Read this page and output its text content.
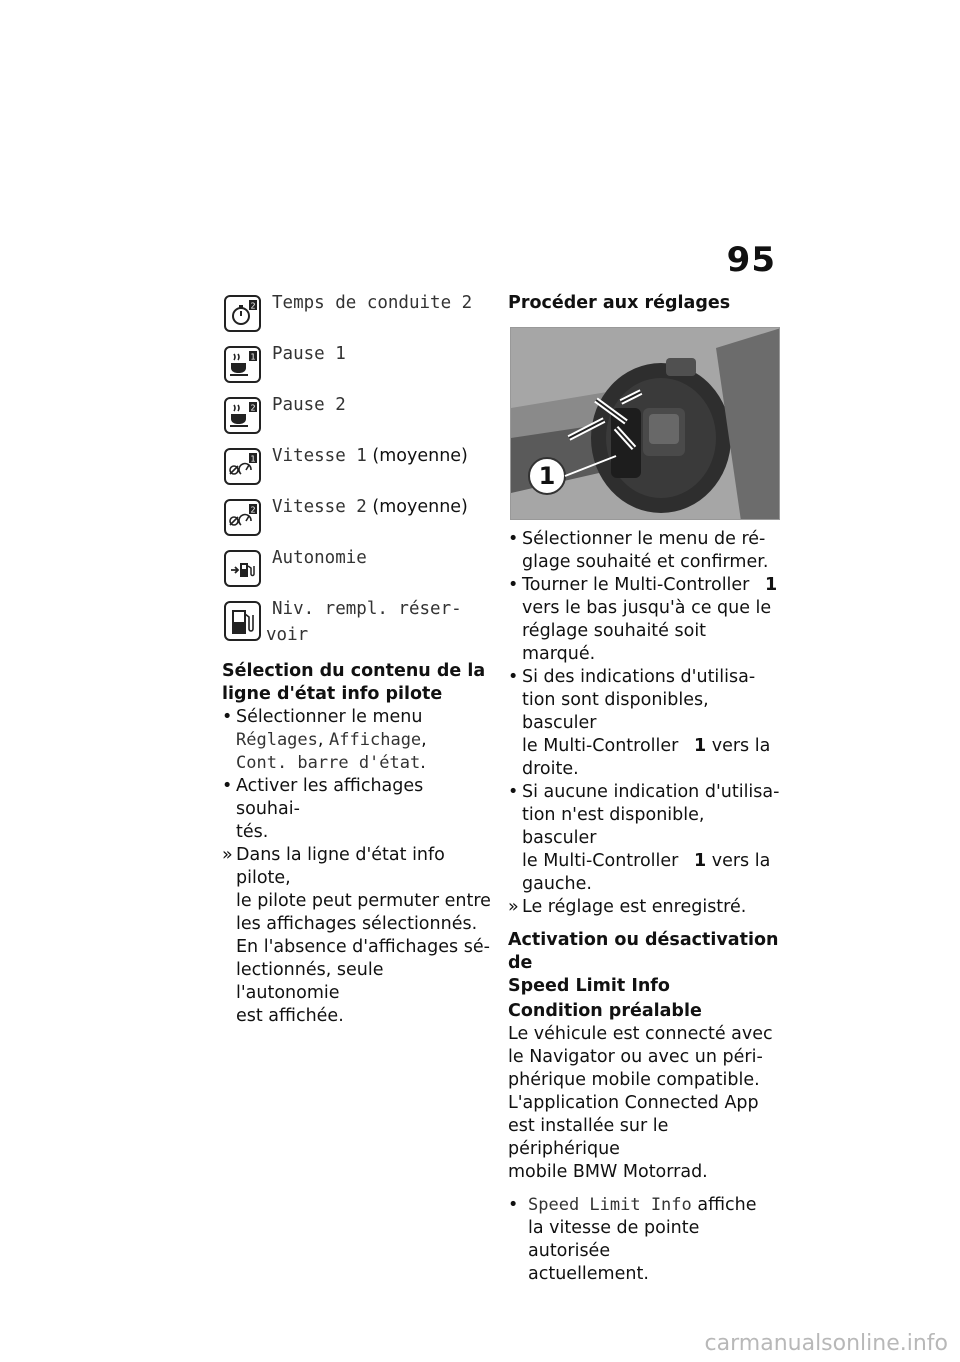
95
2 Temps de conduite 2
1 Pause 1
2 Pause 2
1 Vitesse 1 (moyenne)
2 Vitesse 2 (moyenne)
Autonomie
Niv. rempl. réser-
voir
Sélection du contenu de la
ligne d'état info pilote
• Sélectionner le menu
Réglages, Affichage,
Cont. barre d'état.
• Activer les affichages souhai-
tés.
» Dans la ligne d'état info pilote,
le pilote peut permuter entre
les affichages sélectionnés.
En l'absence d'affichages sé-
lectionnés, seule l'autonomie
est affichée.
Procéder aux réglages
1
• Sélectionner le menu de ré-
glage souhaité et confirmer.
• Tourner le Multi-Controller 1
vers le bas jusqu'à ce que le
réglage souhaité soit marqué.
• Si des indications d'utilisa-
tion sont disponibles, basculer
le Multi-Controller 1 vers la
droite.
• Si aucune indication d'utilisa-
tion n'est disponible, basculer
le Multi-Controller 1 vers la
gauche.
» Le réglage est enregistré.
Activation ou désactivation de
Speed Limit Info
Condition préalable
Le véhicule est connecté avec
le Navigator ou avec un péri-
phérique mobile compatible.
L'application Connected App
est installée sur le périphérique
mobile BMW Motorrad.
• Speed Limit Info affiche
la vitesse de pointe autorisée
actuellement.
carmanualsonline.info
